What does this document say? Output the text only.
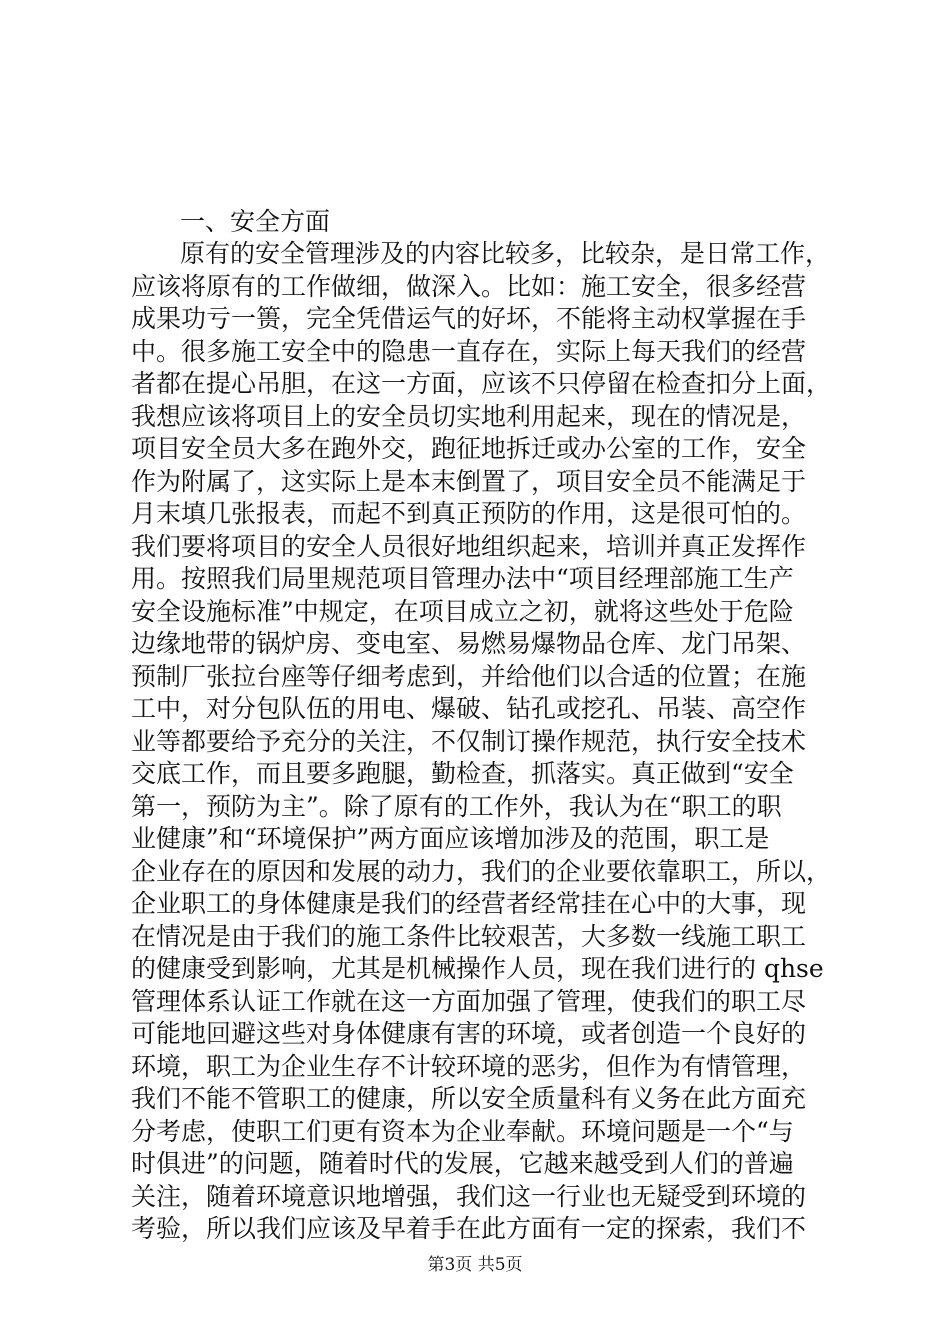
一、安全方面
原有的安全管理涉及的内容比较多，比较杂，是日常工作，
应该将原有的工作做细，做深入。比如：施工安全，很多经营
成果功亏一篑，完全凭借运气的好坏，不能将主动权掌握在手
中。很多施工安全中的隐患一直存在，实际上每天我们的经营
者都在提心吊胆，在这一方面，应该不只停留在检查扣分上面，
我想应该将项目上的安全员切实地利用起来，现在的情况是，
项目安全员大多在跑外交，跑征地拆迁或办公室的工作，安全
作为附属了，这实际上是本末倒置了，项目安全员不能满足于
月末填几张报表，而起不到真正预防的作用，这是很可怕的。
我们要将项目的安全人员很好地组织起来，培训并真正发挥作
用。按照我们局里规范项目管理办法中“项目经理部施工生产
安全设施标准”中规定，在项目成立之初，就将这些处于危险
边缘地带的锅炉房、变电室、易燃易爆物品仓库、龙门吊架、
预制厂张拉台座等仔细考虑到，并给他们以合适的位置；在施
工中，对分包队伍的用电、爆破、钻孔或挖孔、吊装、高空作
业等都要给予充分的关注，不仅制订操作规范，执行安全技术
交底工作，而且要多跑腿，勤检查，抓落实。真正做到“安全
第一，预防为主”。除了原有的工作外，我认为在“职工的职
业健康”和“环境保护”两方面应该增加涉及的范围，职工是
企业存在的原因和发展的动力，我们的企业要依靠职工，所以，
企业职工的身体健康是我们的经营者经常挂在心中的大事，现
在情况是由于我们的施工条件比较艰苦，大多数一线施工职工
的健康受到影响，尤其是机械操作人员，现在我们进行的 qhse
管理体系认证工作就在这一方面加强了管理，使我们的职工尽
可能地回避这些对身体健康有害的环境，或者创造一个良好的
环境，职工为企业生存不计较环境的恶劣，但作为有情管理，
我们不能不管职工的健康，所以安全质量科有义务在此方面充
分考虑，使职工们更有资本为企业奉献。环境问题是一个“与
时俱进”的问题，随着时代的发展，它越来越受到人们的普遍
关注，随着环境意识地增强，我们这一行业也无疑受到环境的
考验，所以我们应该及早着手在此方面有一定的探索，我们不
第3页 共5页
